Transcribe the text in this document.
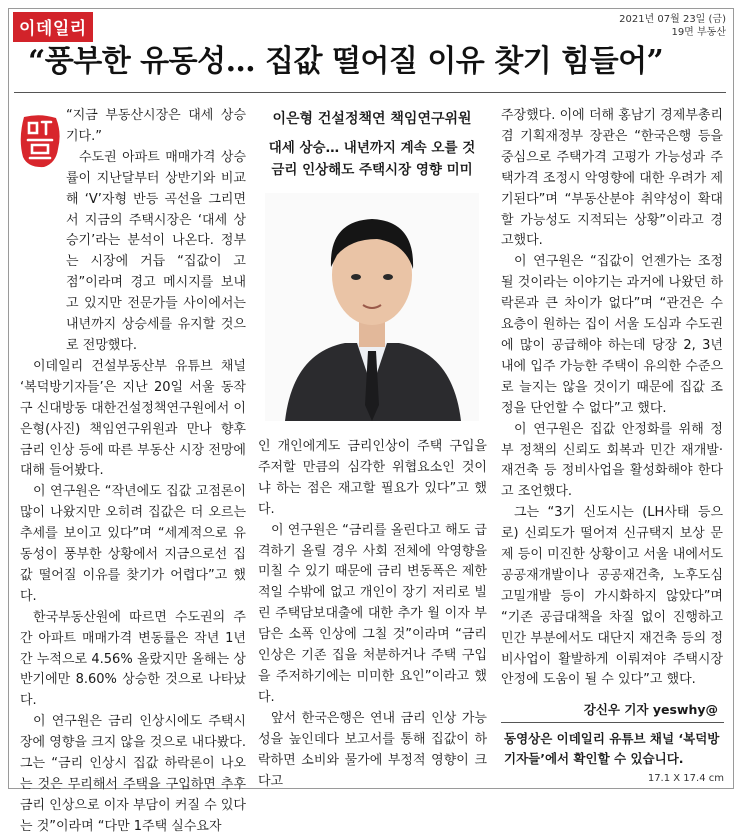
이데일리	2021년 07월 23일 (금)
19면 부동산
“풍부한 유동성… 집값 떨어질 이유 찾기 힘들어”

“지금 부동산시장은 대세 상승기다.”

수도권 아파트 매매가격 상승률이 지난달부터 상반기와 비교해 ‘V’자형 반등 곡선을 그리면서 지금의 주택시장은 ‘대세 상승기’라는 분석이 나온다. 정부는 시장에 거듭 “집값이 고점”이라며 경고 메시지를 보내고 있지만 전문가들 사이에서는 내년까지 상승세를 유지할 것으로 전망했다.

이데일리 건설부동산부 유튜브 채널 ‘복덕방기자들’은 지난 20일 서울 동작구 신대방동 대한건설정책연구원에서 이은형(사진) 책임연구위원과 만나 향후 금리 인상 등에 따른 부동산 시장 전망에 대해 들어봤다.

이 연구원은 “작년에도 집값 고점론이 많이 나왔지만 오히려 집값은 더 오르는 추세를 보이고 있다”며 “세계적으로 유동성이 풍부한 상황에서 지금으로선 집값 떨어질 이유를 찾기가 어렵다”고 했다.

한국부동산원에 따르면 수도권의 주간 아파트 매매가격 변동률은 작년 1년간 누적으로 4.56% 올랐지만 올해는 상반기에만 8.60% 상승한 것으로 나타났다.

이 연구원은 금리 인상시에도 주택시장에 영향을 크지 않을 것으로 내다봤다. 그는 “금리 인상시 집값 하락론이 나오는 것은 무리해서 주택을 구입하면 추후 금리 인상으로 이자 부담이 커질 수 있다는 것”이라며 “다만 1주택 실수요자

이은형 건설정책연 책임연구위원
대세 상승… 내년까지 계속 오를 것
금리 인상해도 주택시장 영향 미미

인 개인에게도 금리인상이 주택 구입을 주저할 만큼의 심각한 위협요소인 것이냐 하는 점은 재고할 필요가 있다”고 했다.

이 연구원은 “금리를 올린다고 해도 급격하기 올릴 경우 사회 전체에 악영향을 미칠 수 있기 때문에 금리 변동폭은 제한적일 수밖에 없고 개인이 장기 저리로 빌린 주택담보대출에 대한 추가 월 이자 부담은 소폭 인상에 그칠 것”이라며 “금리 인상은 기존 집을 처분하거나 주택 구입을 주저하기에는 미미한 요인”이라고 했다.

앞서 한국은행은 연내 금리 인상 가능성을 높인데다 보고서를 통해 집값이 하락하면 소비와 물가에 부정적 영향이 크다고

주장했다. 이에 더해 홍남기 경제부총리 겸 기획재정부 장관은 “한국은행 등을 중심으로 주택가격 고평가 가능성과 주택가격 조정시 악영향에 대한 우려가 제기된다”며 “부동산분야 취약성이 확대할 가능성도 지적되는 상황”이라고 경고했다.

이 연구원은 “집값이 언젠가는 조정될 것이라는 이야기는 과거에 나왔던 하락론과 큰 차이가 없다”며 “관건은 수요층이 원하는 집이 서울 도심과 수도권에 많이 공급해야 하는데 당장 2, 3년 내에 입주 가능한 주택이 유의한 수준으로 늘지는 않을 것이기 때문에 집값 조정을 단언할 수 없다”고 했다.

이 연구원은 집값 안정화를 위해 정부 정책의 신뢰도 회복과 민간 재개발·재건축 등 정비사업을 활성화해야 한다고 조언했다.

그는 “3기 신도시는 (LH사태 등으로) 신뢰도가 떨어져 신규택지 보상 문제 등이 미진한 상황이고 서울 내에서도 공공재개발이나 공공재건축, 노후도심 고밀개발 등이 가시화하지 않았다”며 “기존 공급대책을 차질 없이 진행하고 민간 부분에서도 대단지 재건축 등의 정비사업이 활발하게 이뤄져야 주택시장 안정에 도움이 될 수 있다”고 했다.

강신우 기자 yeswhy@
동영상은 이데일리 유튜브 채널 ‘복덕방기자들’에서 확인할 수 있습니다.
17.1 X 17.4 cm
